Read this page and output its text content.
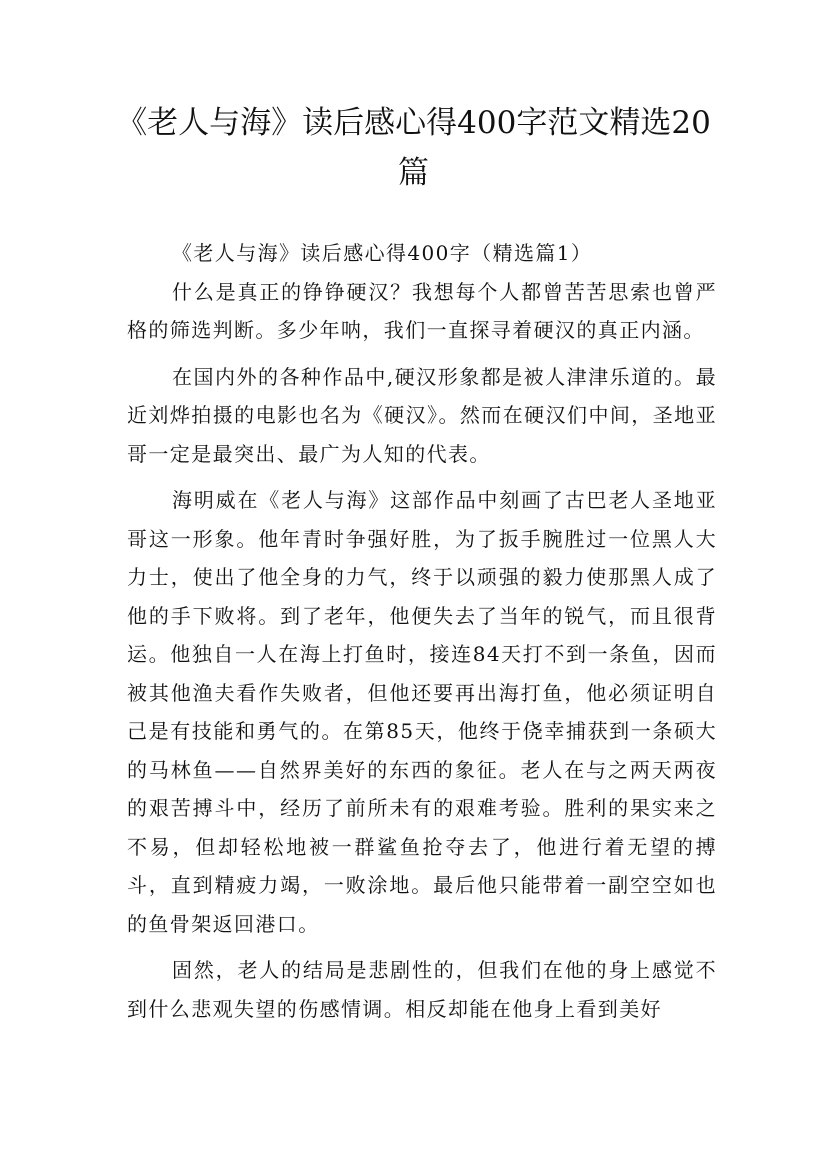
《老人与海》读后感心得400字范文精选20篇
《老人与海》读后感心得400字（精选篇1）

什么是真正的铮铮硬汉？我想每个人都曾苦苦思索也曾严格的筛选判断。多少年呐，我们一直探寻着硬汉的真正内涵。

在国内外的各种作品中,硬汉形象都是被人津津乐道的。最近刘烨拍摄的电影也名为《硬汉》。然而在硬汉们中间，圣地亚哥一定是最突出、最广为人知的代表。

海明威在《老人与海》这部作品中刻画了古巴老人圣地亚哥这一形象。他年青时争强好胜，为了扳手腕胜过一位黑人大力士，使出了他全身的力气，终于以顽强的毅力使那黑人成了他的手下败将。到了老年，他便失去了当年的锐气，而且很背运。他独自一人在海上打鱼时，接连84天打不到一条鱼，因而被其他渔夫看作失败者，但他还要再出海打鱼，他必须证明自己是有技能和勇气的。在第85天，他终于侥幸捕获到一条硕大的马林鱼——自然界美好的东西的象征。老人在与之两天两夜的艰苦搏斗中，经历了前所未有的艰难考验。胜利的果实来之不易，但却轻松地被一群鲨鱼抢夺去了，他进行着无望的搏斗，直到精疲力竭，一败涂地。最后他只能带着一副空空如也的鱼骨架返回港口。

固然，老人的结局是悲剧性的，但我们在他的身上感觉不到什么悲观失望的伤感情调。相反却能在他身上看到美好
